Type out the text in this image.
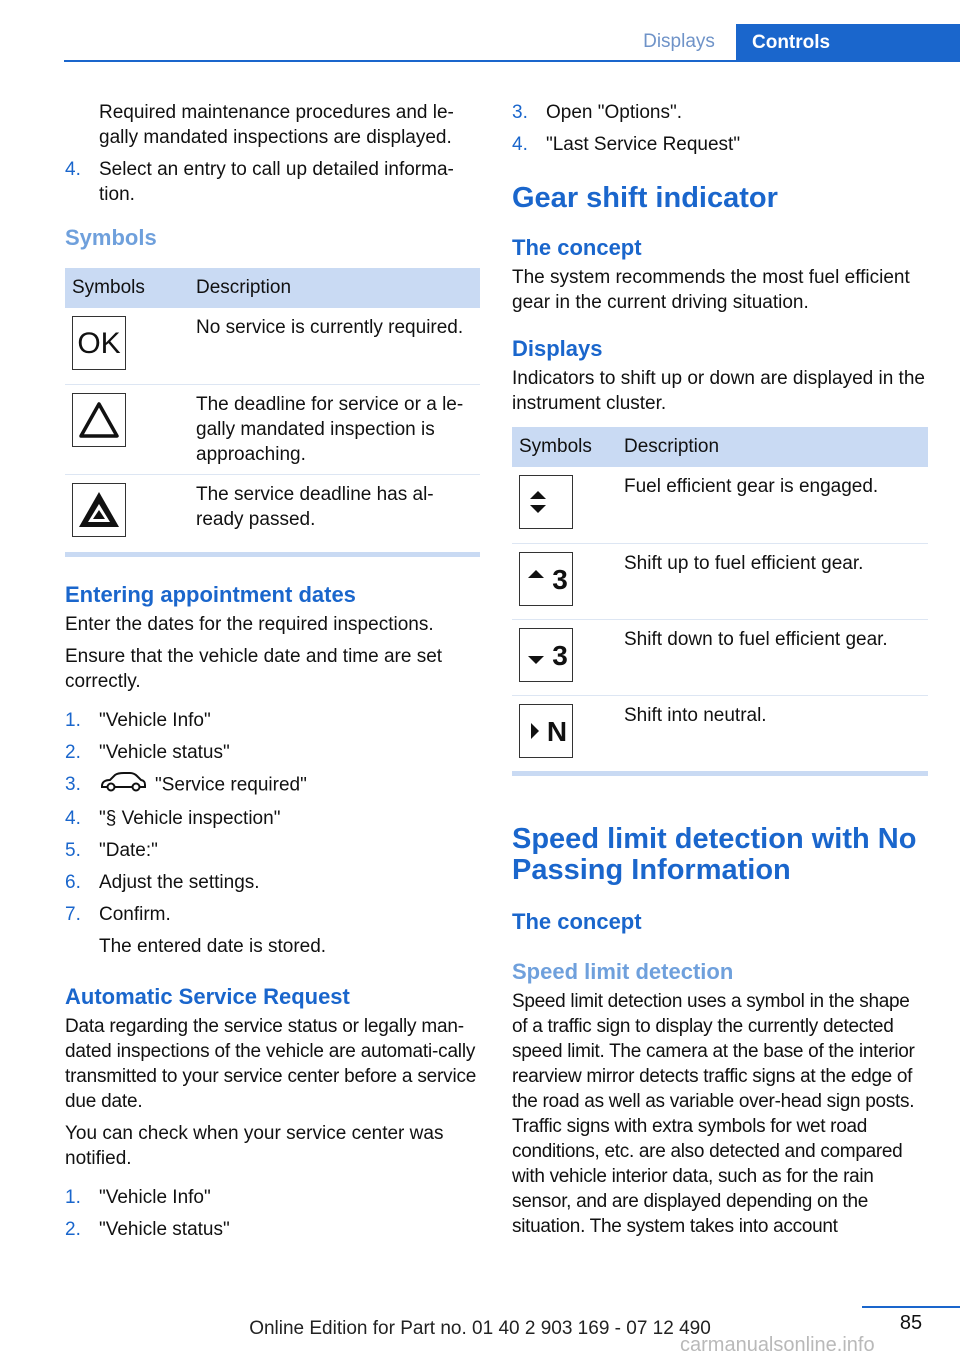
Displays	Controls

Required maintenance procedures and le-gally mandated inspections are displayed.

4. Select an entry to call up detailed informa-tion.
Symbols
Symbols	Description

OK	No service is currently required.

	The deadline for service or a le-gally mandated inspection is approaching.

	The service deadline has al-ready passed.
Entering appointment dates

Enter the dates for the required inspections.

Ensure that the vehicle date and time are set correctly.

1. "Vehicle Info"
2. "Vehicle status"
3.	"Service required"
4. "§ Vehicle inspection"
5. "Date:"
6. Adjust the settings.
7. Confirm.

The entered date is stored.

Automatic Service Request

Data regarding the service status or legally man-dated inspections of the vehicle are automati-cally transmitted to your service center before a service due date.

You can check when your service center was notified.

1. "Vehicle Info"
2. "Vehicle status"
3. Open "Options".
4. "Last Service Request"
Gear shift indicator
The concept

The system recommends the most fuel efficient gear in the current driving situation.

Displays

Indicators to shift up or down are displayed in the instrument cluster.

Symbols	Description

	Fuel efficient gear is engaged.

3	Shift up to fuel efficient gear.

3	Shift down to fuel efficient gear.

N	Shift into neutral.
Speed limit detection with No Passing Information
The concept
Speed limit detection

Speed limit detection uses a symbol in the shape of a traffic sign to display the currently detected speed limit. The camera at the base of the interior rearview mirror detects traffic signs at the edge of the road as well as variable over-head sign posts. Traffic signs with extra symbols for wet road conditions, etc. are also detected and compared with vehicle interior data, such as for the rain sensor, and are displayed depending on the situation. The system takes into account

85
Online Edition for Part no. 01 40 2 903 169 - 07 12 490
carmanualsonline.info
